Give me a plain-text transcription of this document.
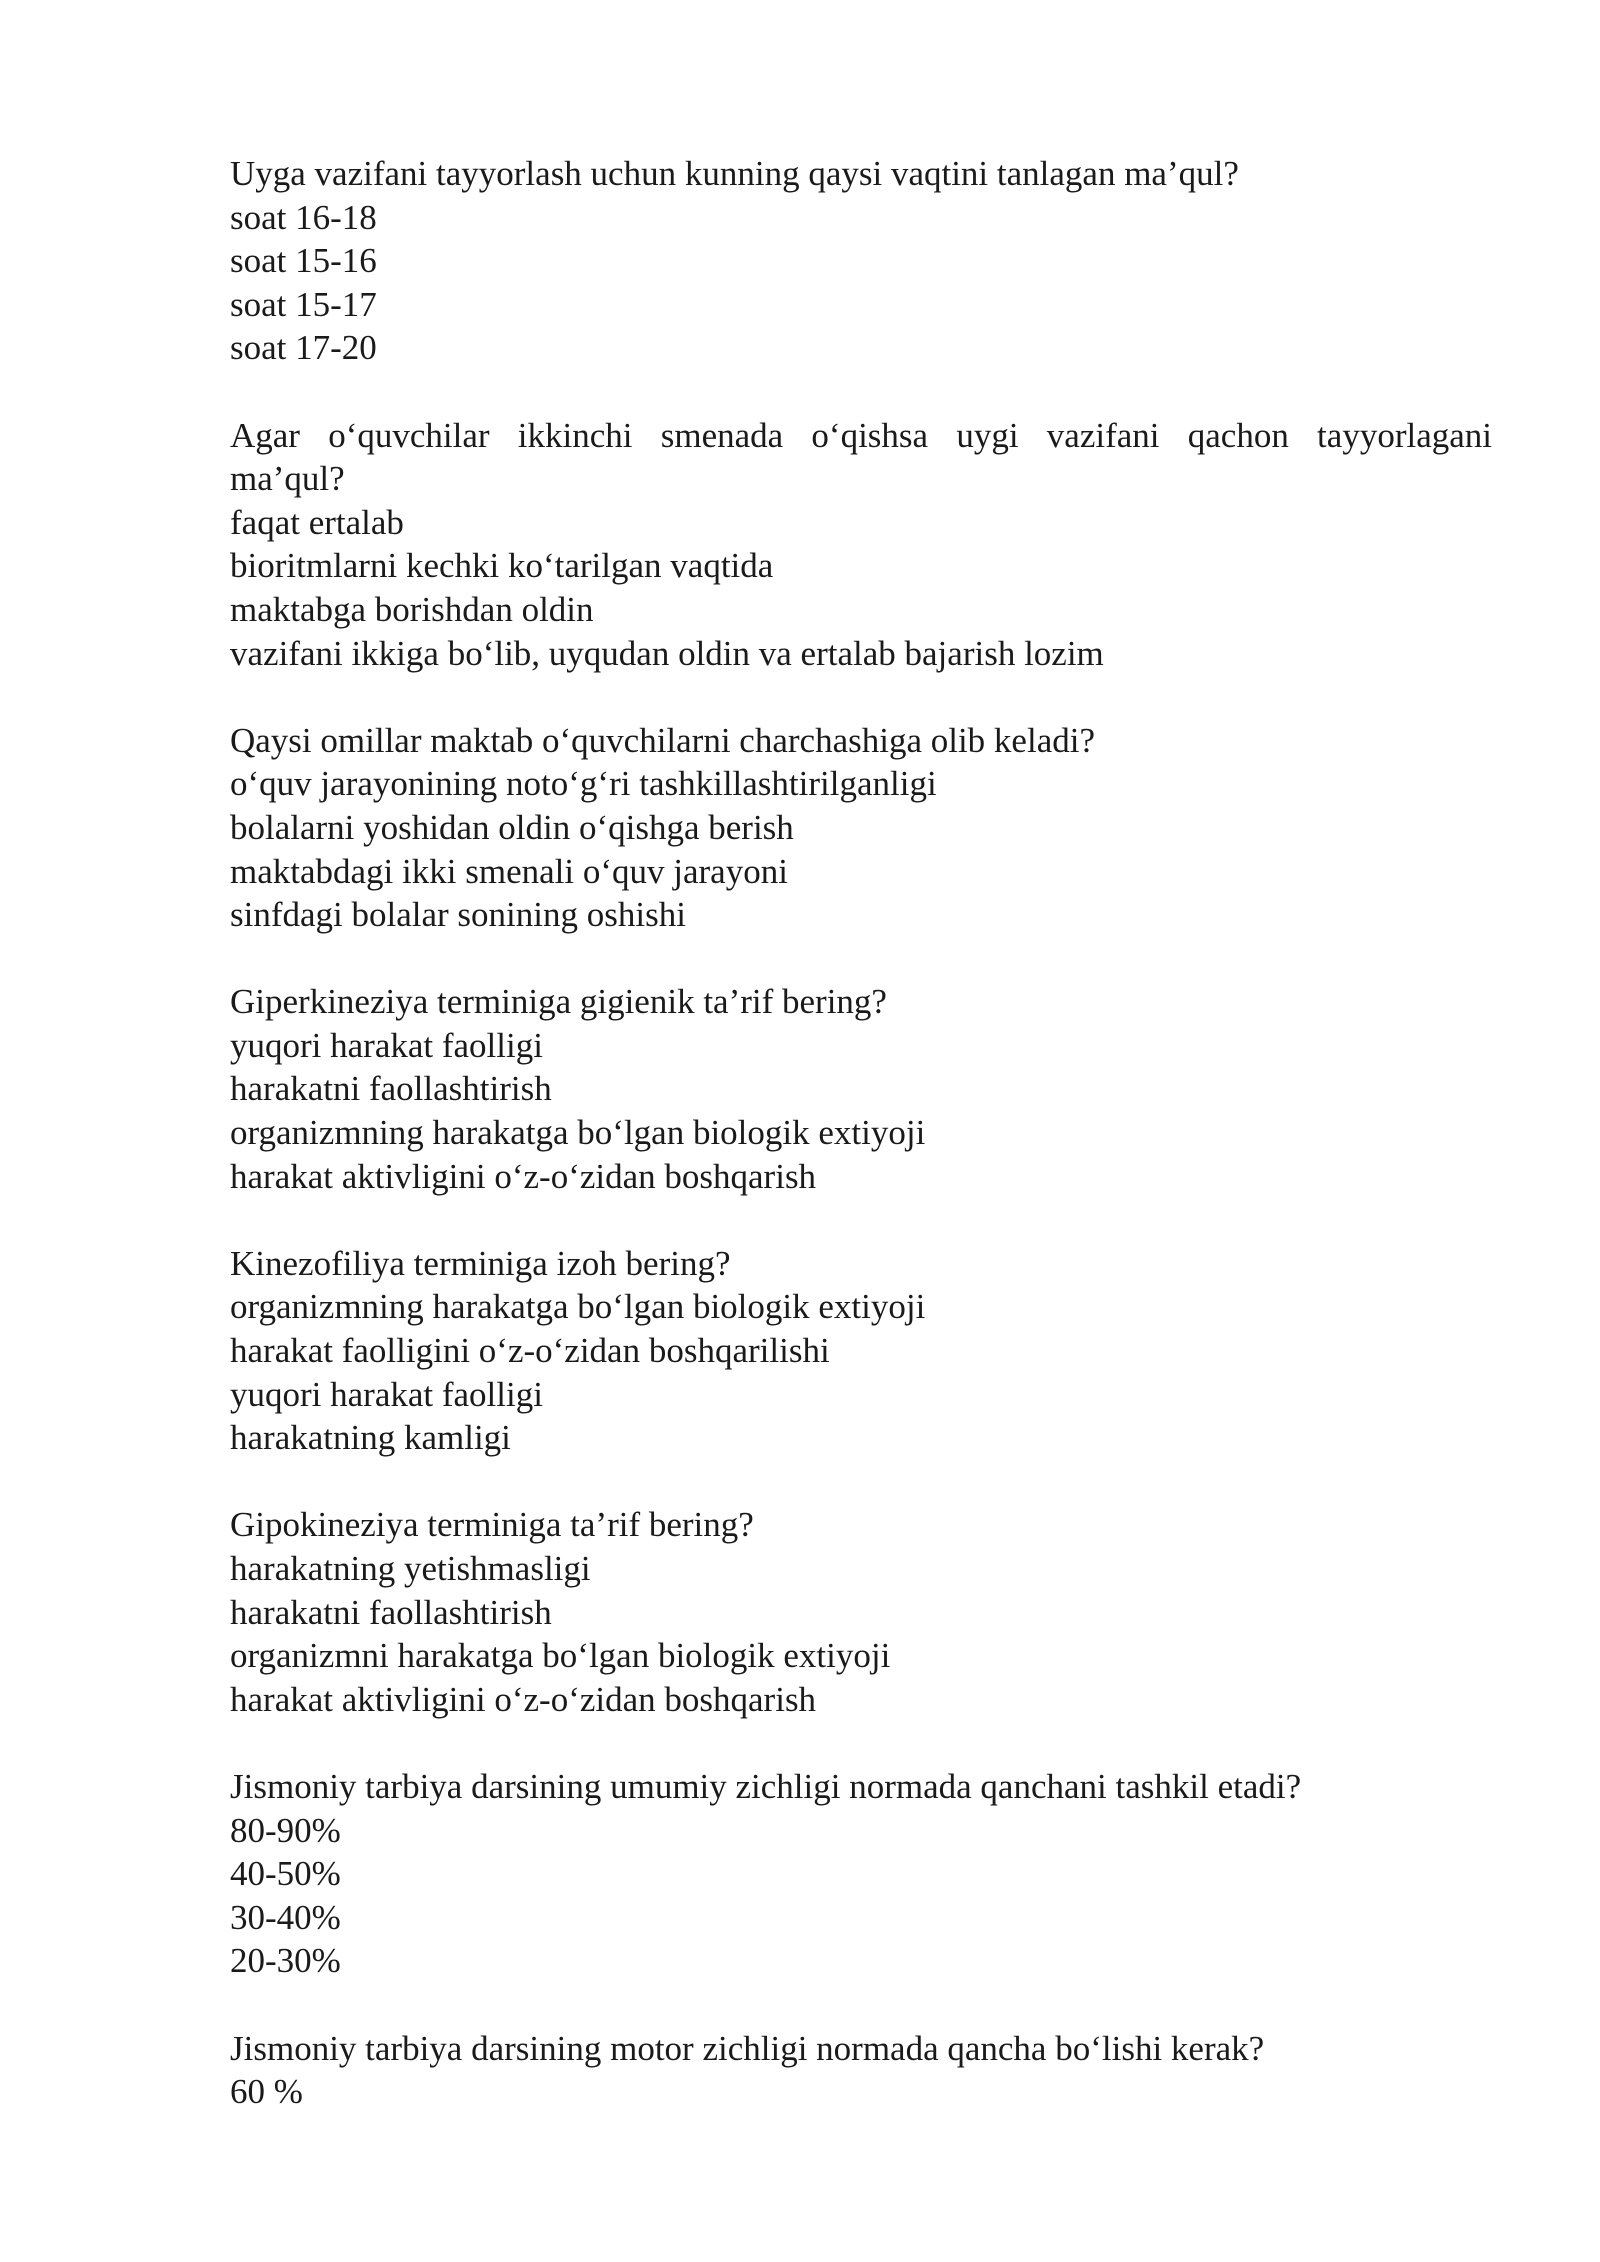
Uyga vazifani tayyorlash uchun kunning qaysi vaqtini tanlagan ma’qul?

soat 16-18

soat 15-16

soat 15-17

soat 17-20

Agar o‘quvchilar ikkinchi smenada o‘qishsa uygi vazifani qachon tayyorlagani ma’qul?

faqat ertalab

bioritmlarni kechki ko‘tarilgan vaqtida

maktabga borishdan oldin

vazifani ikkiga bo‘lib, uyqudan oldin va ertalab bajarish lozim

Qaysi omillar maktab o‘quvchilarni charchashiga olib keladi?

o‘quv jarayonining noto‘g‘ri tashkillashtirilganligi

bolalarni yoshidan oldin o‘qishga berish

maktabdagi ikki smenali o‘quv jarayoni

sinfdagi bolalar sonining oshishi

Giperkineziya terminiga gigienik ta’rif bering?

yuqori harakat faolligi

harakatni faollashtirish

organizmning harakatga bo‘lgan biologik extiyoji

harakat aktivligini o‘z-o‘zidan boshqarish

Kinezofiliya terminiga izoh bering?

organizmning harakatga bo‘lgan biologik extiyoji

harakat faolligini o‘z-o‘zidan boshqarilishi

yuqori harakat faolligi

harakatning kamligi

Gipokineziya terminiga ta’rif bering?

harakatning yetishmasligi

harakatni faollashtirish

organizmni harakatga bo‘lgan biologik extiyoji

harakat aktivligini o‘z-o‘zidan boshqarish

Jismoniy tarbiya darsining umumiy zichligi normada qanchani tashkil etadi?

80-90%

40-50%

30-40%

20-30%

Jismoniy tarbiya darsining motor zichligi normada qancha bo‘lishi kerak?

60 %
